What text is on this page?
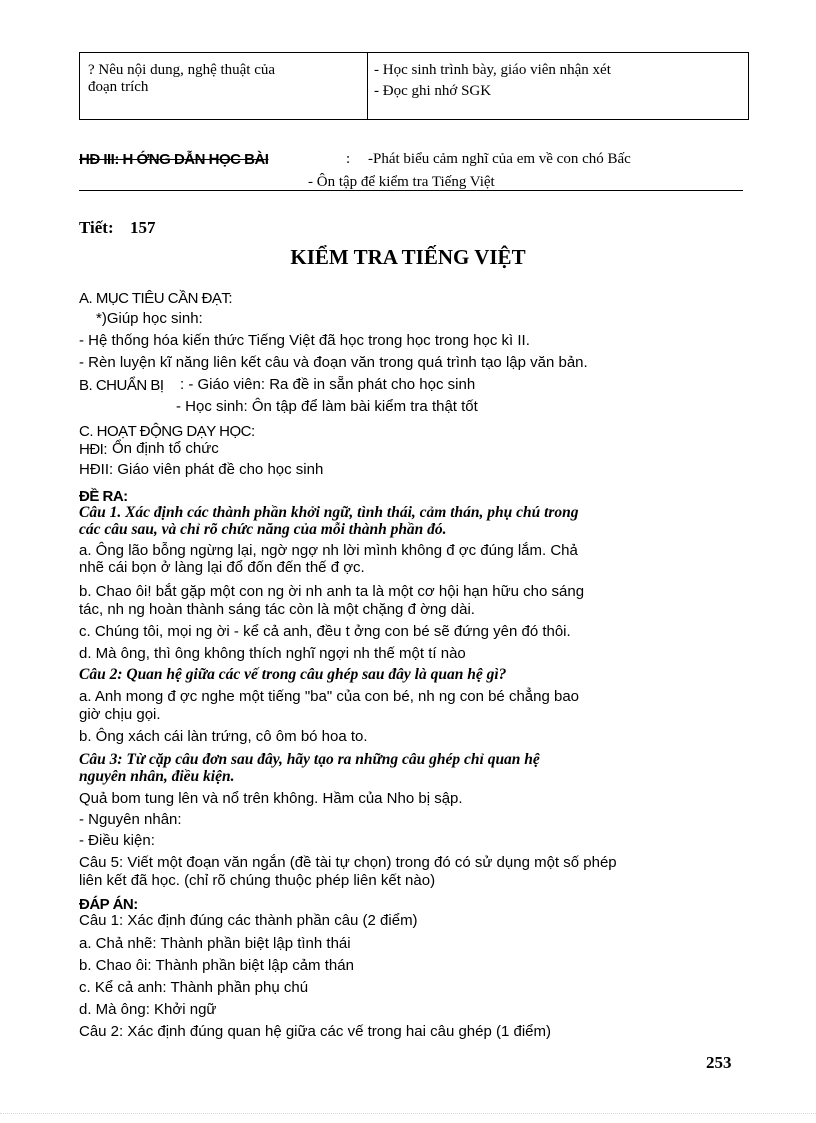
? Nêu nội dung, nghệ thuật của
đoạn trích
- Học sinh trình bày, giáo viên nhận xét
- Đọc ghi nhớ SGK
HĐ III: H ỚNG DẪN HỌC BÀI	: -Phát biểu cảm nghĩ của em về con chó Bấc
- Ôn tập để kiểm tra Tiếng Việt
Tiết: 157
KIỂM TRA TIẾNG VIỆT
A. MỤC TIÊU CẦN ĐẠT:
*)Giúp học sinh:
- Hệ thống hóa kiến thức Tiếng Việt đã học trong học trong học kì II.
- Rèn luyện kĩ năng liên kết câu và đoạn văn trong quá trình tạo lập văn bản.
B. CHUẨN BỊ : - Giáo viên: Ra đề in sẵn phát cho học sinh
- Học sinh: Ôn tập để làm bài kiểm tra thật tốt
C. HOẠT ĐỘNG DẠY HỌC:
HĐI: Ổn định tổ chức
HĐII: Giáo viên phát đề cho học sinh
ĐỀ RA:
Câu 1. Xác định các thành phần khởi ngữ, tình thái, cảm thán, phụ chú trong
các câu sau, và chỉ rõ chức năng của mỗi thành phần đó.
a. Ông lão bỗng ngừng lại, ngờ ngợ nh lời mình không đ ợc đúng lắm. Chả
nhẽ cái bọn ở làng lại đổ đốn đến thế đ ợc.
b. Chao ôi! bắt gặp một con ng ời nh anh ta là một cơ hội hạn hữu cho sáng
tác, nh ng hoàn thành sáng tác còn là một chặng đ ờng dài.
c. Chúng tôi, mọi ng ời - kể cả anh, đều t ởng con bé sẽ đứng yên đó thôi.
d. Mà ông, thì ông không thích nghĩ ngợi nh thế một tí nào
Câu 2: Quan hệ giữa các vế trong câu ghép sau đây là quan hệ gì?
a. Anh mong đ ợc nghe một tiếng "ba" của con bé, nh ng con bé chẳng bao
giờ chịu gọi.
b. Ông xách cái làn trứng, cô ôm bó hoa to.
Câu 3: Từ cặp câu đơn sau đây, hãy tạo ra những câu ghép chỉ quan hệ
nguyên nhân, điều kiện.
Quả bom tung lên và nổ trên không. Hầm của Nho bị sập.
- Nguyên nhân:
- Điều kiện:
Câu 5: Viết một đoạn văn ngắn (đề tài tự chọn) trong đó có sử dụng một số phép
liên kết đã học. (chỉ rõ chúng thuộc phép liên kết nào)
ĐÁP ÁN:
Câu 1: Xác định đúng các thành phần câu (2 điểm)
a. Chả nhẽ: Thành phần biệt lập tình thái
b. Chao ôi: Thành phần biệt lập cảm thán
c. Kể cả anh: Thành phần phụ chú
d. Mà ông: Khởi ngữ
Câu 2: Xác định đúng quan hệ giữa các vế trong hai câu ghép (1 điểm)
253
